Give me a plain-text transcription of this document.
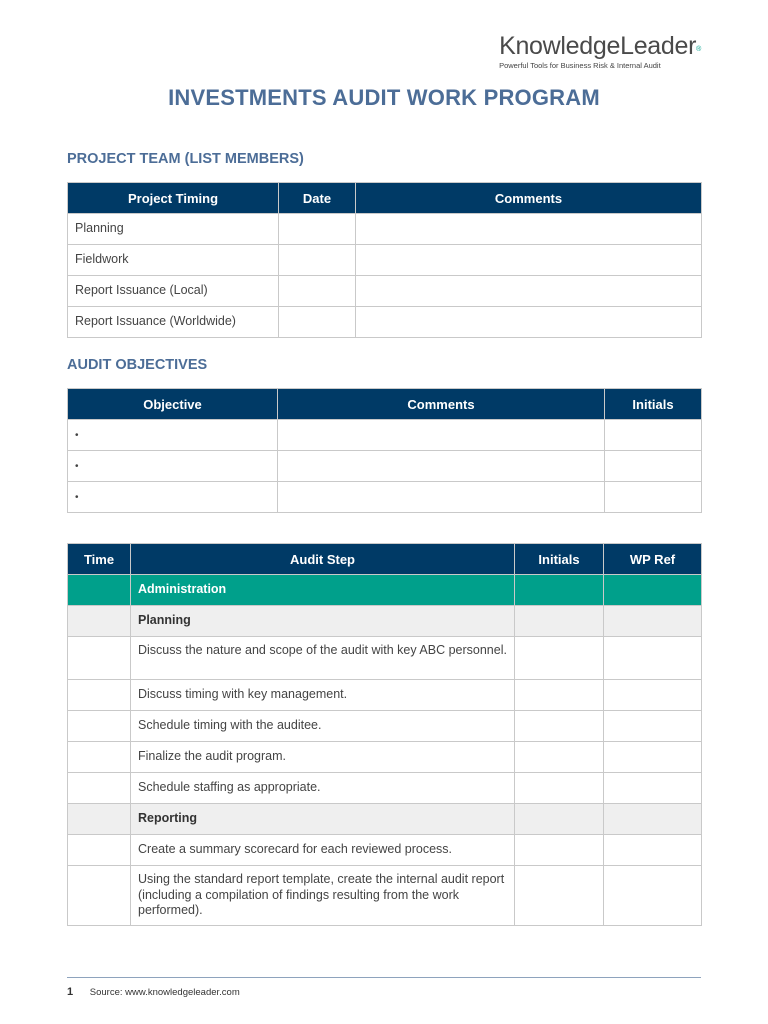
KnowledgeLeader®
Powerful Tools for Business Risk & Internal Audit
INVESTMENTS AUDIT WORK PROGRAM
PROJECT TEAM (LIST MEMBERS)
Project Timing	Date	Comments
Planning		
Fieldwork		
Report Issuance (Local)		
Report Issuance (Worldwide)		
AUDIT OBJECTIVES
Objective	Comments	Initials
•		
•		
•		
Time	Audit Step	Initials	WP Ref
	Administration		
	Planning		
	Discuss the nature and scope of the audit with key ABC personnel.		
	Discuss timing with key management.		
	Schedule timing with the auditee.		
	Finalize the audit program.		
	Schedule staffing as appropriate.		
	Reporting		
	Create a summary scorecard for each reviewed process.		
	Using the standard report template, create the internal audit report (including a compilation of findings resulting from the work performed).		
1 Source: www.knowledgeleader.com
